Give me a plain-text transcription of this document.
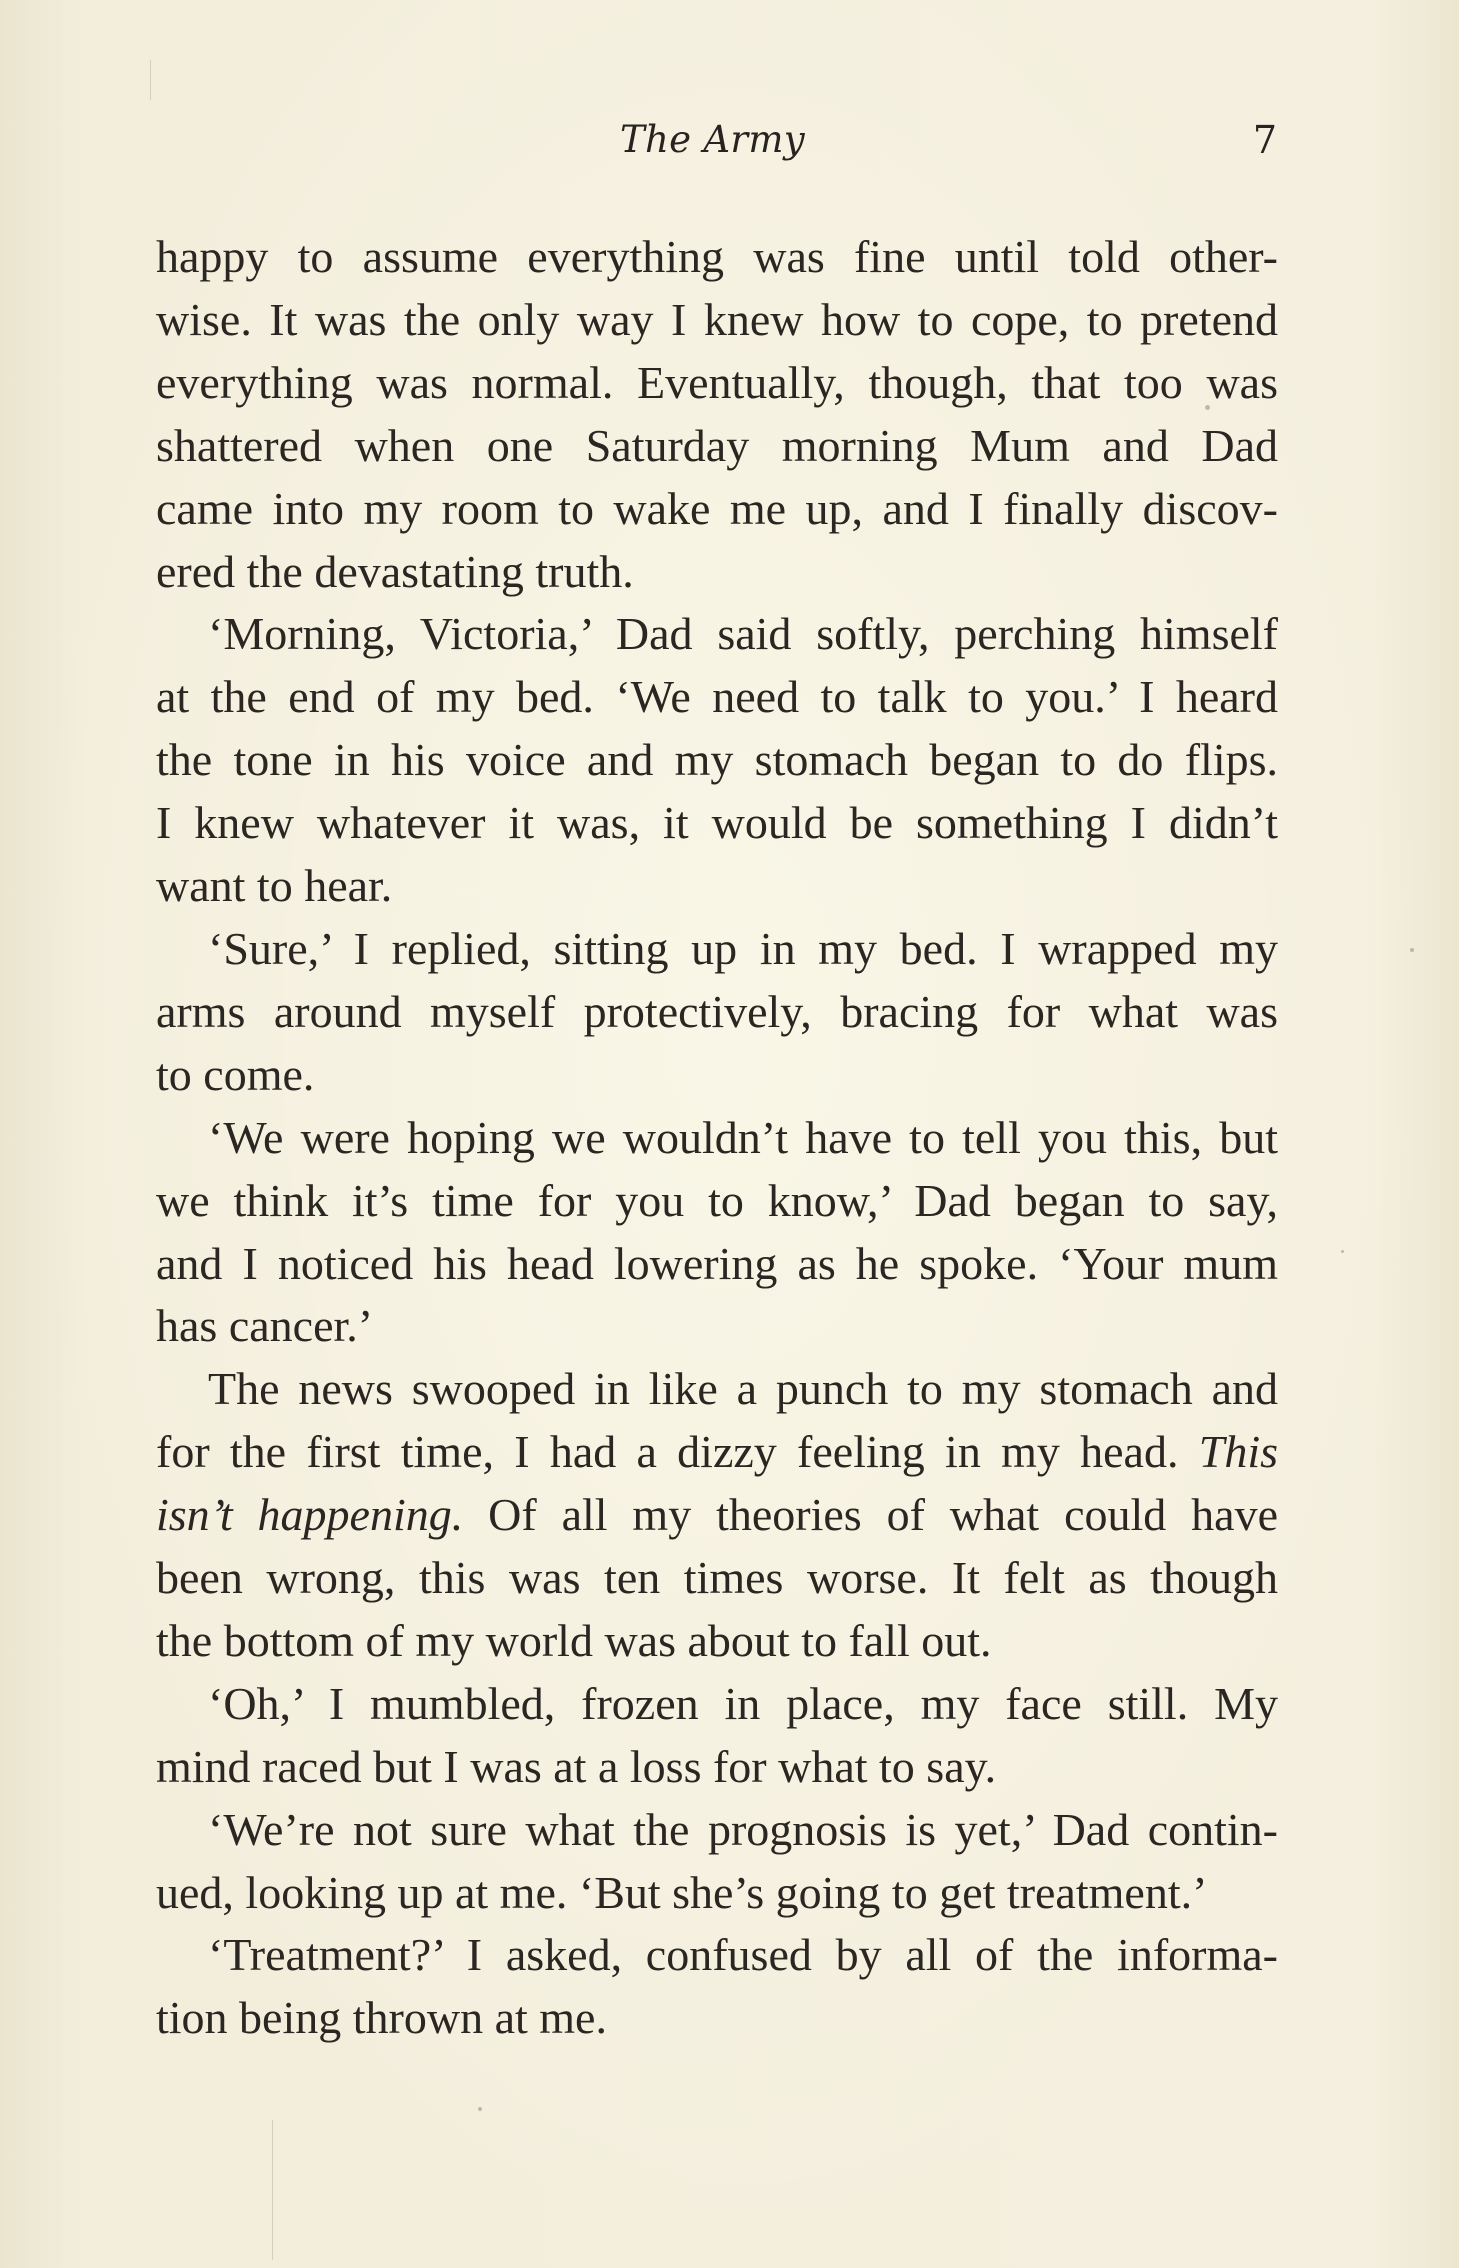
The Army	7

happy to assume everything was fine until told other-
wise. It was the only way I knew how to cope, to pretend
everything was normal. Eventually, though, that too was
shattered when one Saturday morning Mum and Dad
came into my room to wake me up, and I finally discov-
ered the devastating truth.

‘Morning, Victoria,’ Dad said softly, perching himself
at the end of my bed. ‘We need to talk to you.’ I heard
the tone in his voice and my stomach began to do flips.
I knew whatever it was, it would be something I didn’t
want to hear.

‘Sure,’ I replied, sitting up in my bed. I wrapped my
arms around myself protectively, bracing for what was
to come.

‘We were hoping we wouldn’t have to tell you this, but
we think it’s time for you to know,’ Dad began to say,
and I noticed his head lowering as he spoke. ‘Your mum
has cancer.’

The news swooped in like a punch to my stomach and
for the first time, I had a dizzy feeling in my head. This
isn’t happening. Of all my theories of what could have
been wrong, this was ten times worse. It felt as though
the bottom of my world was about to fall out.

‘Oh,’ I mumbled, frozen in place, my face still. My
mind raced but I was at a loss for what to say.

‘We’re not sure what the prognosis is yet,’ Dad contin-
ued, looking up at me. ‘But she’s going to get treatment.’

‘Treatment?’ I asked, confused by all of the informa-
tion being thrown at me.
